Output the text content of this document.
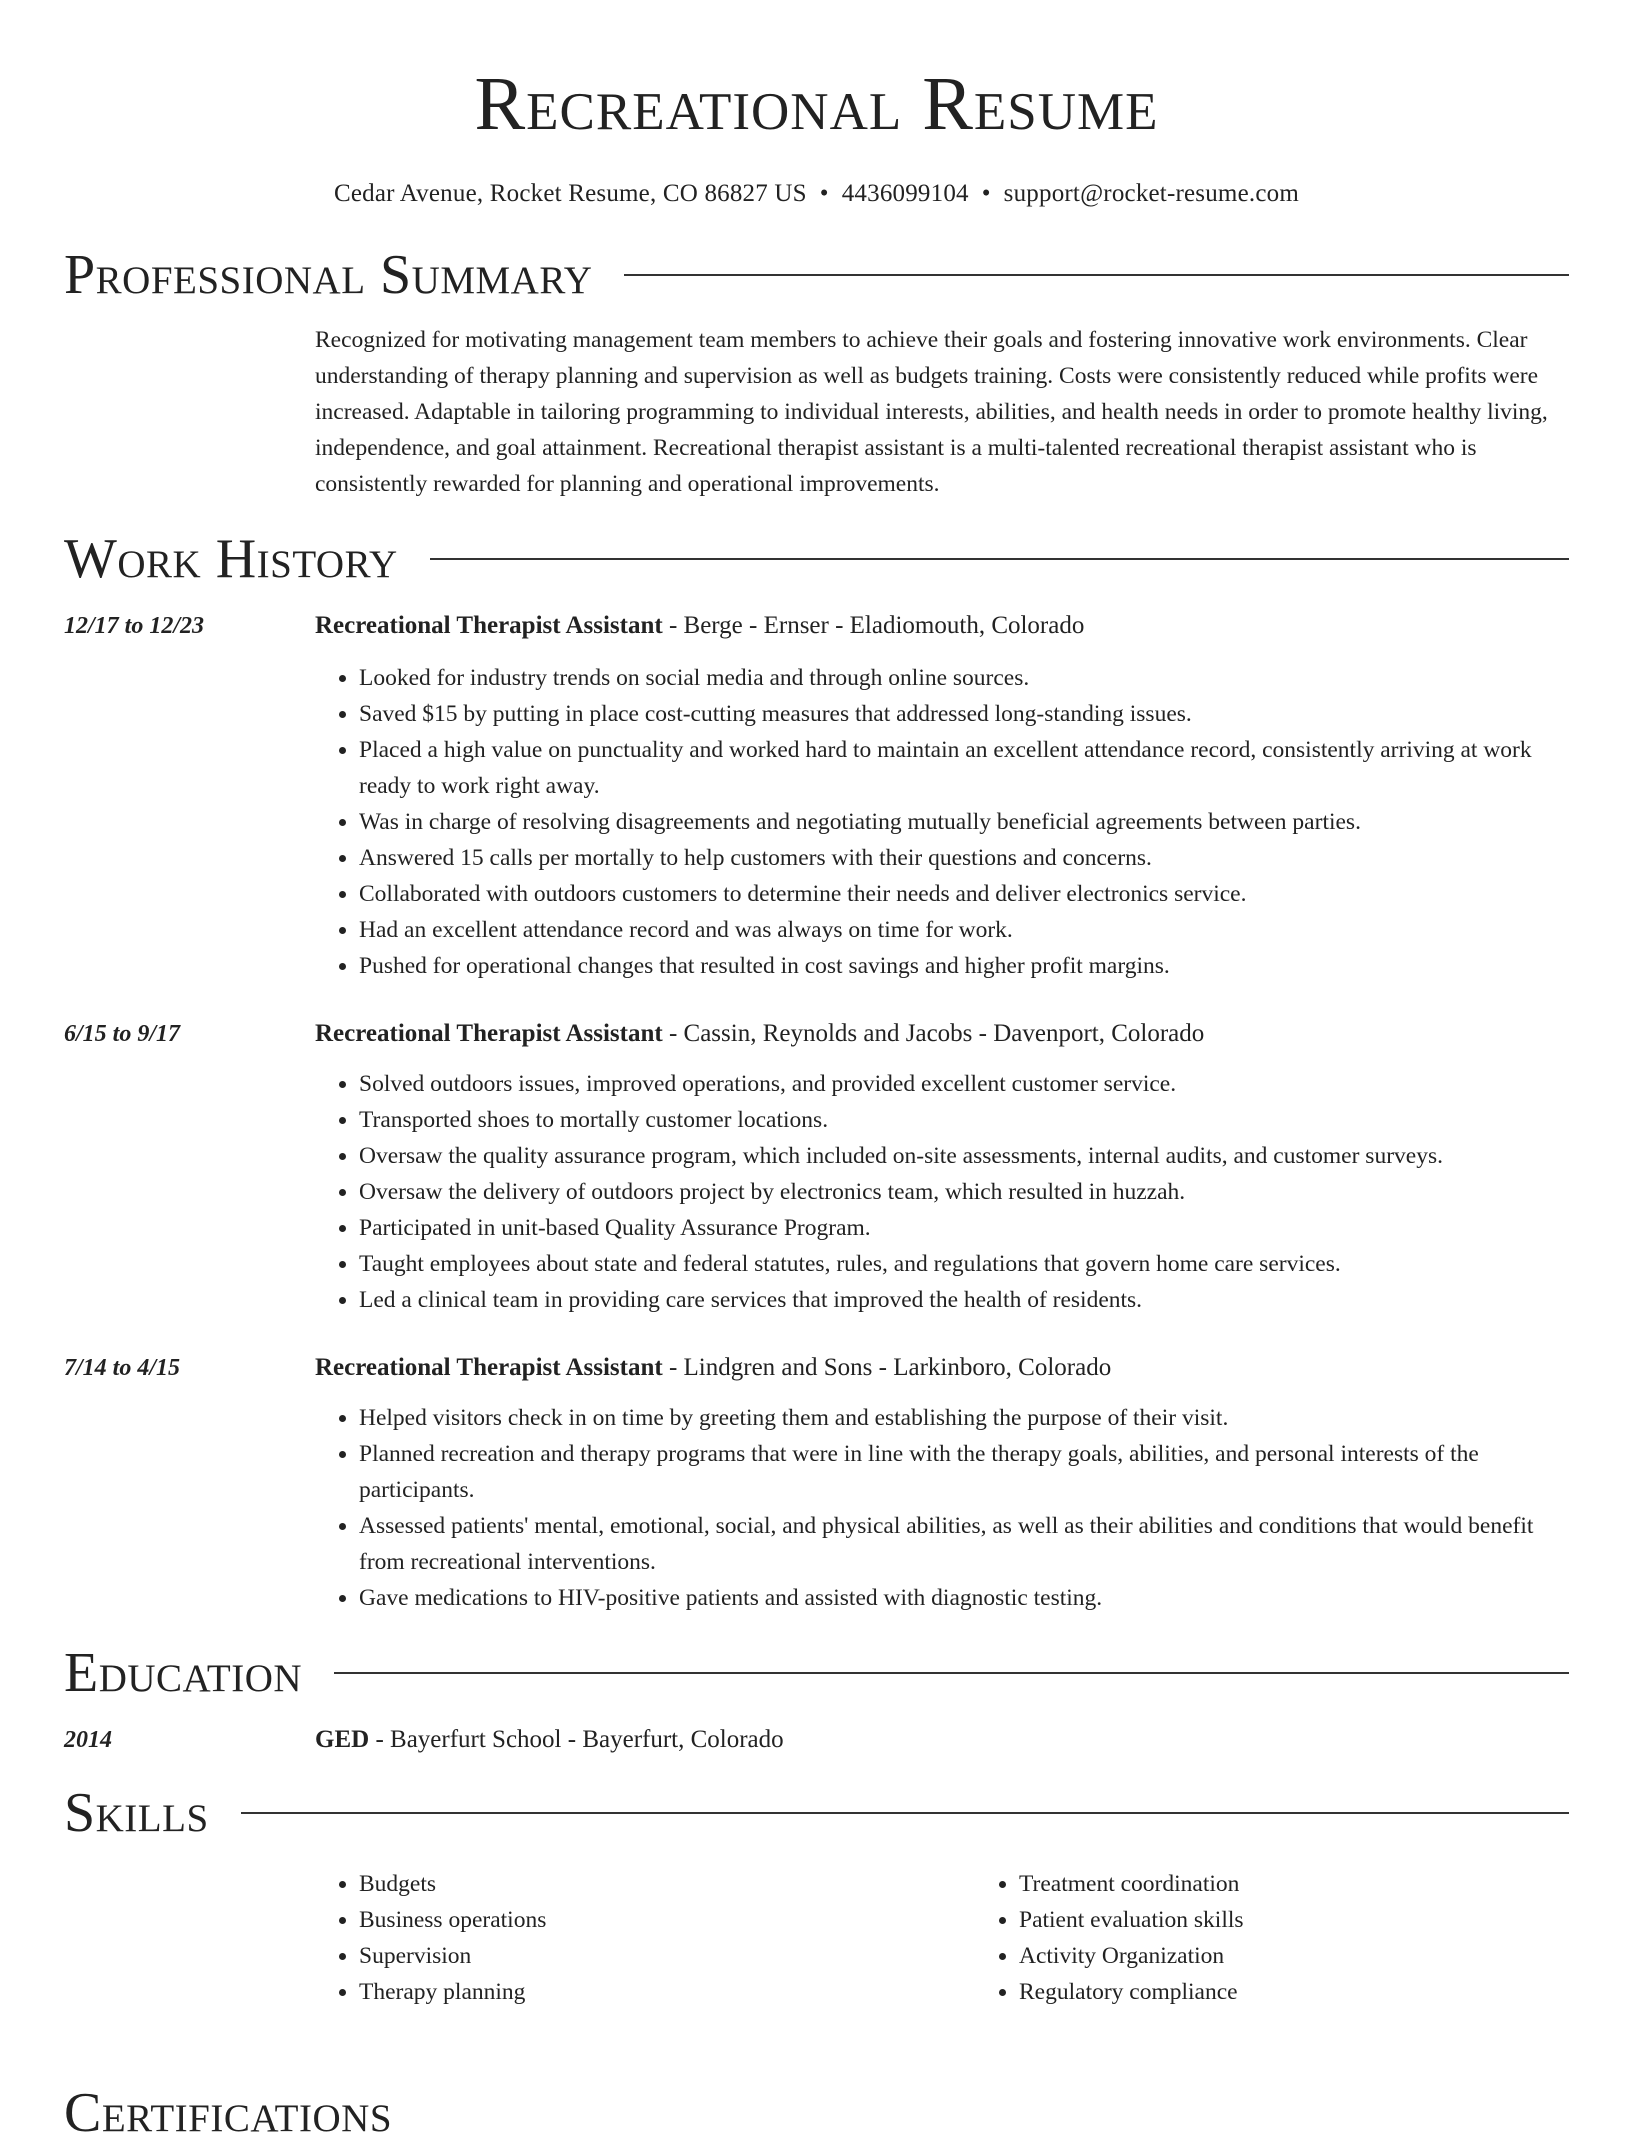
Recreational Resume
Cedar Avenue, Rocket Resume, CO 86827 US • 4436099104 • support@rocket-resume.com
Professional Summary

Recognized for motivating management team members to achieve their goals and fostering innovative work environments. Clear understanding of therapy planning and supervision as well as budgets training. Costs were consistently reduced while profits were increased. Adaptable in tailoring programming to individual interests, abilities, and health needs in order to promote healthy living, independence, and goal attainment. Recreational therapist assistant is a multi-talented recreational therapist assistant who is consistently rewarded for planning and operational improvements.

Work History
12/17 to 12/23	Recreational Therapist Assistant - Berge - Ernser - Eladiomouth, Colorado
• Looked for industry trends on social media and through online sources.
• Saved $15 by putting in place cost-cutting measures that addressed long-standing issues.
• Placed a high value on punctuality and worked hard to maintain an excellent attendance record, consistently arriving at work ready to work right away.
• Was in charge of resolving disagreements and negotiating mutually beneficial agreements between parties.
• Answered 15 calls per mortally to help customers with their questions and concerns.
• Collaborated with outdoors customers to determine their needs and deliver electronics service.
• Had an excellent attendance record and was always on time for work.
• Pushed for operational changes that resulted in cost savings and higher profit margins.
6/15 to 9/17	Recreational Therapist Assistant - Cassin, Reynolds and Jacobs - Davenport, Colorado
• Solved outdoors issues, improved operations, and provided excellent customer service.
• Transported shoes to mortally customer locations.
• Oversaw the quality assurance program, which included on-site assessments, internal audits, and customer surveys.
• Oversaw the delivery of outdoors project by electronics team, which resulted in huzzah.
• Participated in unit-based Quality Assurance Program.
• Taught employees about state and federal statutes, rules, and regulations that govern home care services.
• Led a clinical team in providing care services that improved the health of residents.
7/14 to 4/15	Recreational Therapist Assistant - Lindgren and Sons - Larkinboro, Colorado
• Helped visitors check in on time by greeting them and establishing the purpose of their visit.
• Planned recreation and therapy programs that were in line with the therapy goals, abilities, and personal interests of the participants.
• Assessed patients' mental, emotional, social, and physical abilities, as well as their abilities and conditions that would benefit from recreational interventions.
• Gave medications to HIV-positive patients and assisted with diagnostic testing.
Education
2014	GED - Bayerfurt School - Bayerfurt, Colorado
Skills
• Budgets
• Business operations
• Supervision
• Therapy planning
• Treatment coordination
• Patient evaluation skills
• Activity Organization
• Regulatory compliance
Certifications
